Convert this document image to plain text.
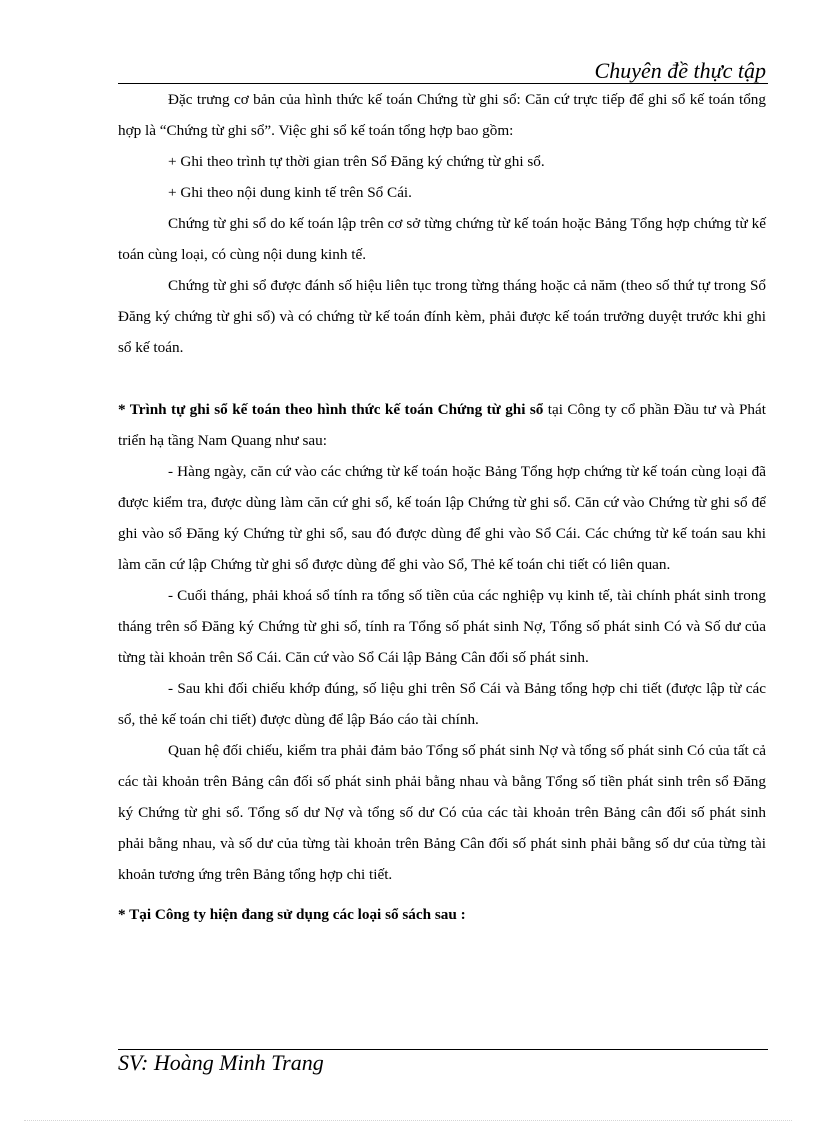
Chuyên đề thực tập

Đặc trưng cơ bản của hình thức kế toán Chứng từ ghi sổ: Căn cứ trực tiếp để ghi sổ kế toán tổng hợp là “Chứng từ ghi sổ”. Việc ghi sổ kế toán tổng hợp bao gồm:

+ Ghi theo trình tự thời gian trên Sổ Đăng ký chứng từ ghi sổ.

+ Ghi theo nội dung kinh tế trên Sổ Cái.

Chứng từ ghi sổ do kế toán lập trên cơ sở từng chứng từ kế toán hoặc Bảng Tổng hợp chứng từ kế toán cùng loại, có cùng nội dung kinh tế.

Chứng từ ghi sổ được đánh số hiệu liên tục trong từng tháng hoặc cả năm (theo số thứ tự trong Sổ Đăng ký chứng từ ghi sổ) và có chứng từ kế toán đính kèm, phải được kế toán trưởng duyệt trước khi ghi sổ kế toán.

* Trình tự ghi sổ kế toán theo hình thức kế toán Chứng từ ghi sổ tại Công ty cổ phần Đầu tư và Phát triển hạ tầng Nam Quang như sau:

- Hàng ngày, căn cứ vào các chứng từ kế toán hoặc Bảng Tổng hợp chứng từ kế toán cùng loại đã được kiểm tra, được dùng làm căn cứ ghi sổ, kế toán lập Chứng từ ghi sổ. Căn cứ vào Chứng từ ghi sổ để ghi vào sổ Đăng ký Chứng từ ghi sổ, sau đó được dùng để ghi vào Sổ Cái. Các chứng từ kế toán sau khi làm căn cứ lập Chứng từ ghi sổ được dùng để ghi vào Sổ, Thẻ kế toán chi tiết có liên quan.

- Cuối tháng, phải khoá sổ tính ra tổng số tiền của các nghiệp vụ kinh tế, tài chính phát sinh trong tháng trên sổ Đăng ký Chứng từ ghi sổ, tính ra Tổng số phát sinh Nợ, Tổng số phát sinh Có và Số dư của từng tài khoản trên Sổ Cái. Căn cứ vào Sổ Cái lập Bảng Cân đối số phát sinh.

- Sau khi đối chiếu khớp đúng, số liệu ghi trên Sổ Cái và Bảng tổng hợp chi tiết (được lập từ các sổ, thẻ kế toán chi tiết) được dùng để lập Báo cáo tài chính.

Quan hệ đối chiếu, kiểm tra phải đảm bảo Tổng số phát sinh Nợ và tổng số phát sinh Có của tất cả các tài khoản trên Bảng cân đối số phát sinh phải bằng nhau và bằng Tổng số tiền phát sinh trên sổ Đăng ký Chứng từ ghi sổ. Tổng số dư Nợ và tổng số dư Có của các tài khoản trên Bảng cân đối số phát sinh phải bằng nhau, và số dư của từng tài khoản trên Bảng Cân đối số phát sinh phải bằng số dư của từng tài khoản tương ứng trên Bảng tổng hợp chi tiết.

* Tại Công ty hiện đang sử dụng các loại sổ sách sau :

SV: Hoàng Minh Trang
